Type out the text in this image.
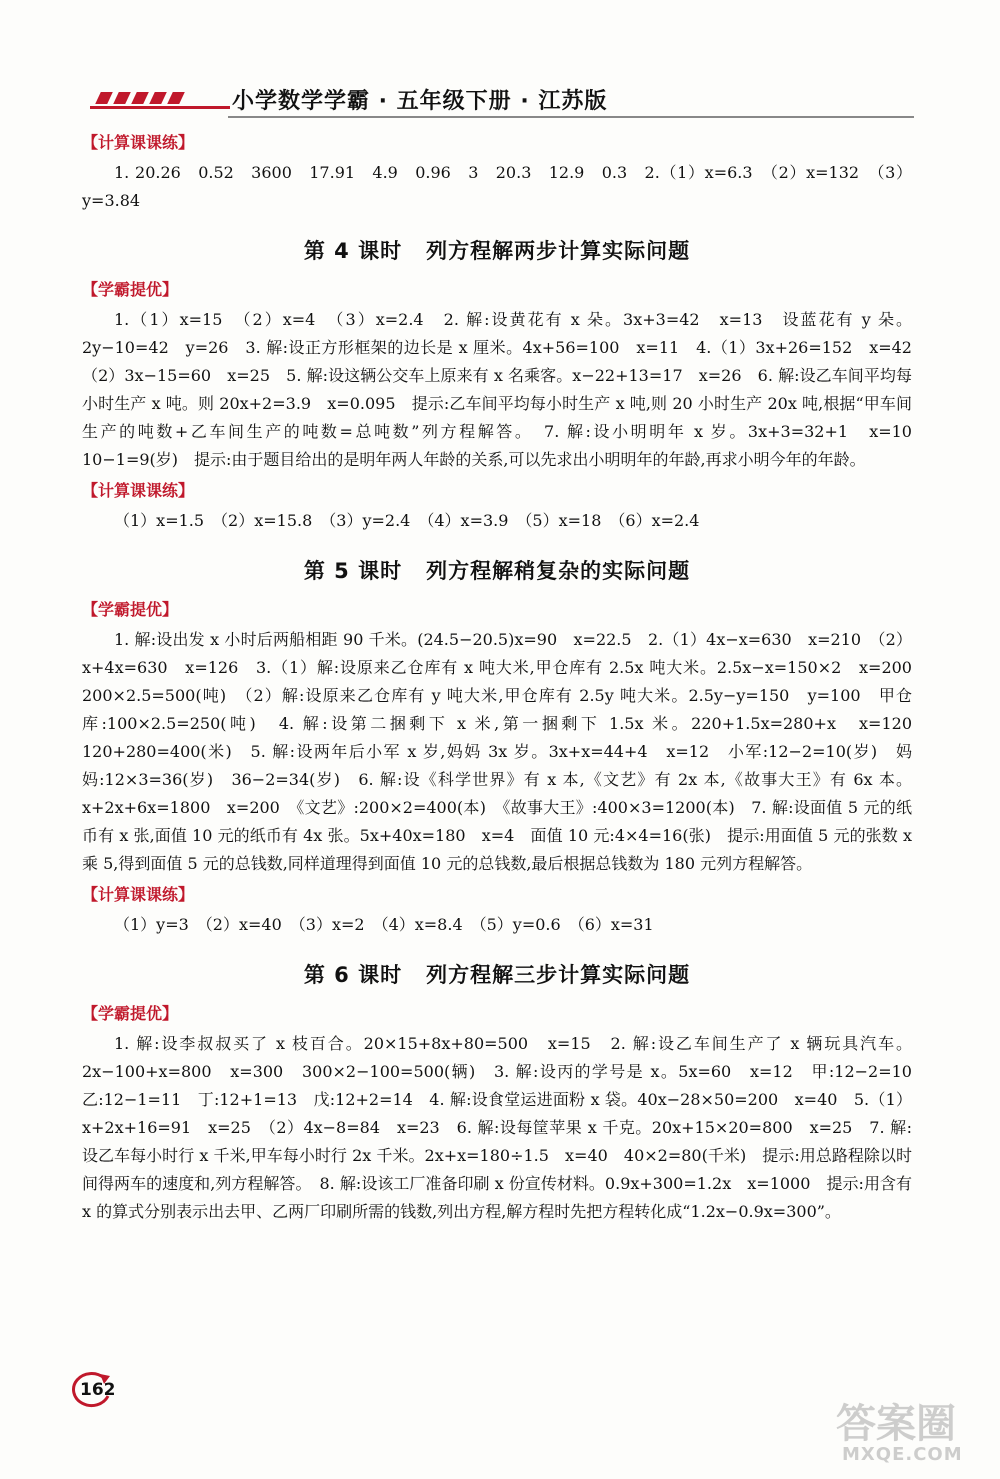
小学数学学霸 · 五年级下册 · 江苏版
【计算课课练】

1. 20.26　0.52　3600　17.91　4.9　0.96　3　20.3　12.9　0.3　2.（1）x=6.3　（2）x=132　（3）y=3.84

第 4 课时 列方程解两步计算实际问题
【学霸提优】

1.（1）x=15　（2）x=4　（3）x=2.4　2. 解:设黄花有 x 朵。3x+3=42　x=13　设蓝花有 y 朵。2y−10=42　y=26　3. 解:设正方形框架的边长是 x 厘米。4x+56=100　x=11　4.（1）3x+26=152　x=42　（2）3x−15=60　x=25　5. 解:设这辆公交车上原来有 x 名乘客。x−22+13=17　x=26　6. 解:设乙车间平均每小时生产 x 吨。则 20x+2=3.9　x=0.095　提示:乙车间平均每小时生产 x 吨,则 20 小时生产 20x 吨,根据“甲车间生产的吨数+乙车间生产的吨数=总吨数”列方程解答。　7. 解:设小明明年 x 岁。3x+3=32+1　x=10　10−1=9(岁)　提示:由于题目给出的是明年两人年龄的关系,可以先求出小明明年的年龄,再求小明今年的年龄。

【计算课课练】

（1）x=1.5　（2）x=15.8　（3）y=2.4　（4）x=3.9　（5）x=18　（6）x=2.4

第 5 课时 列方程解稍复杂的实际问题
【学霸提优】

1. 解:设出发 x 小时后两船相距 90 千米。(24.5−20.5)x=90　x=22.5　2.（1）4x−x=630　x=210　（2）x+4x=630　x=126　3.（1）解:设原来乙仓库有 x 吨大米,甲仓库有 2.5x 吨大米。2.5x−x=150×2　x=200　200×2.5=500(吨)　（2）解:设原来乙仓库有 y 吨大米,甲仓库有 2.5y 吨大米。2.5y−y=150　y=100　甲仓库:100×2.5=250(吨)　4. 解:设第二捆剩下 x 米,第一捆剩下 1.5x 米。220+1.5x=280+x　x=120　120+280=400(米)　5. 解:设两年后小军 x 岁,妈妈 3x 岁。3x+x=44+4　x=12　小军:12−2=10(岁)　妈妈:12×3=36(岁)　36−2=34(岁)　6. 解:设《科学世界》有 x 本,《文艺》有 2x 本,《故事大王》有 6x 本。x+2x+6x=1800　x=200　《文艺》:200×2=400(本)　《故事大王》:400×3=1200(本)　7. 解:设面值 5 元的纸币有 x 张,面值 10 元的纸币有 4x 张。5x+40x=180　x=4　面值 10 元:4×4=16(张)　提示:用面值 5 元的张数 x 乘 5,得到面值 5 元的总钱数,同样道理得到面值 10 元的总钱数,最后根据总钱数为 180 元列方程解答。

【计算课课练】

（1）y=3　（2）x=40　（3）x=2　（4）x=8.4　（5）y=0.6　（6）x=31

第 6 课时 列方程解三步计算实际问题
【学霸提优】

1. 解:设李叔叔买了 x 枝百合。20×15+8x+80=500　x=15　2. 解:设乙车间生产了 x 辆玩具汽车。2x−100+x=800　x=300　300×2−100=500(辆)　3. 解:设丙的学号是 x。5x=60　x=12　甲:12−2=10　乙:12−1=11　丁:12+1=13　戊:12+2=14　4. 解:设食堂运进面粉 x 袋。40x−28×50=200　x=40　5.（1）x+2x+16=91　x=25　（2）4x−8=84　x=23　6. 解:设每筐苹果 x 千克。20x+15×20=800　x=25　7. 解:设乙车每小时行 x 千米,甲车每小时行 2x 千米。2x+x=180÷1.5　x=40　40×2=80(千米)　提示:用总路程除以时间得两车的速度和,列方程解答。　8. 解:设该工厂准备印刷 x 份宣传材料。0.9x+300=1.2x　x=1000　提示:用含有 x 的算式分别表示出去甲、乙两厂印刷所需的钱数,列出方程,解方程时先把方程转化成“1.2x−0.9x=300”。

162
答案圈
MXQE.COM
